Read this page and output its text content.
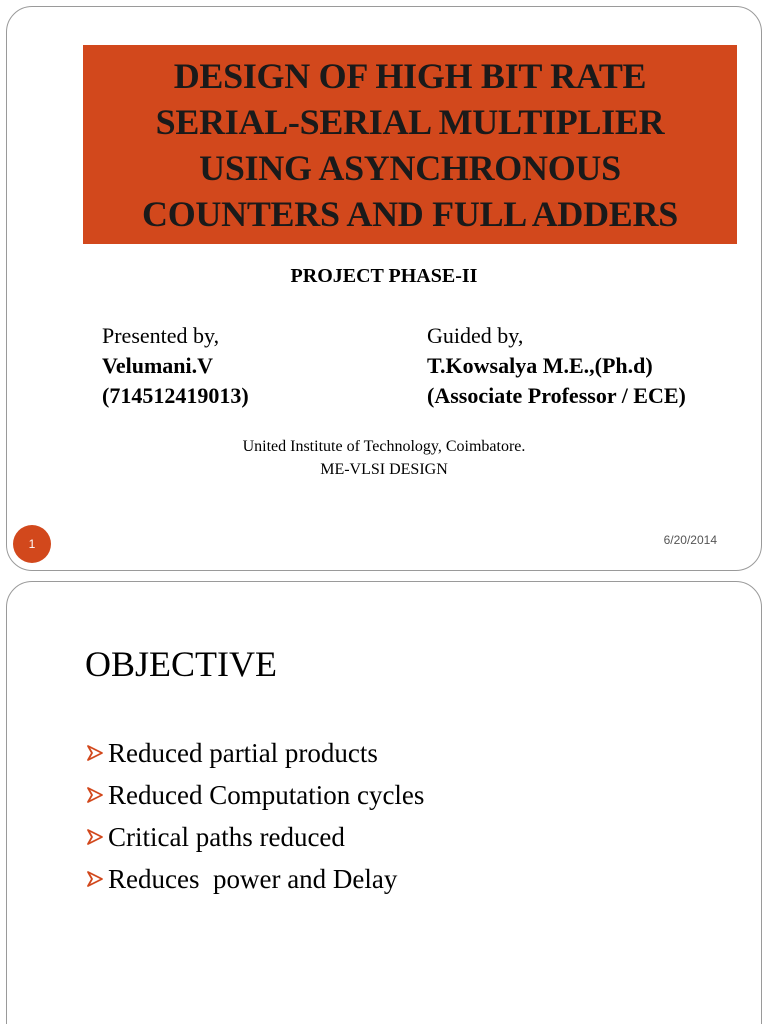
DESIGN OF HIGH BIT RATE
SERIAL-SERIAL MULTIPLIER
USING ASYNCHRONOUS
COUNTERS AND FULL ADDERS
PROJECT PHASE-II
Presented by,
Velumani.V
(714512419013)
Guided by,
T.Kowsalya M.E.,(Ph.d)
(Associate Professor / ECE)
United Institute of Technology, Coimbatore.
ME-VLSI DESIGN
1	6/20/2014
OBJECTIVE
Reduced partial products
Reduced Computation cycles
Critical paths reduced
Reduces  power and Delay
